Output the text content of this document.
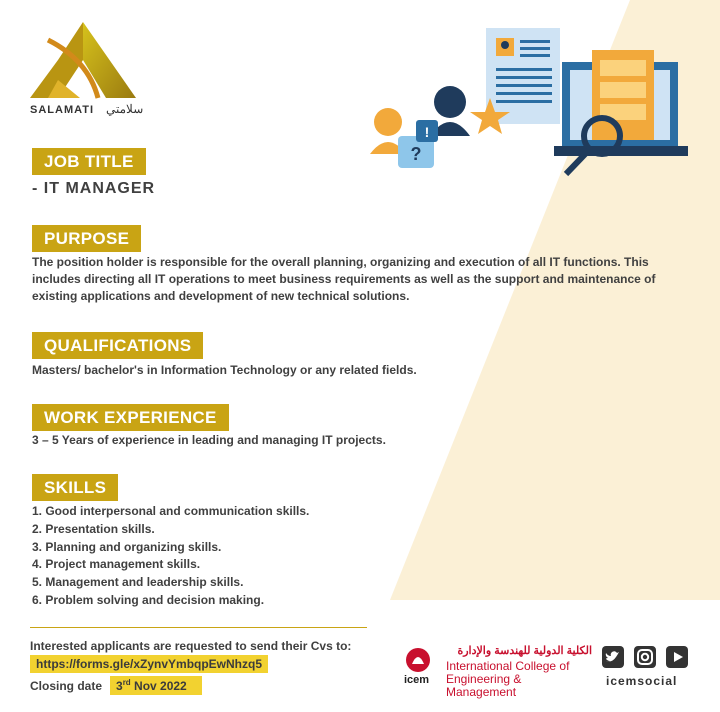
SALAMATI سلامتي
?
!
JOB TITLE
- IT MANAGER
PURPOSE
The position holder is responsible for the overall planning, organizing and execution of all IT functions. This includes directing all IT operations to meet business requirements as well as the support and maintenance of existing applications and development of new technical solutions.
QUALIFICATIONS
Masters/ bachelor's in Information Technology or any related fields.
WORK EXPERIENCE
3 – 5 Years of experience in leading and managing IT projects.
SKILLS
1. Good interpersonal and communication skills.
2. Presentation skills.
3. Planning and organizing skills.
4. Project management skills.
5. Management and leadership skills.
6. Problem solving and decision making.
Interested applicants are requested to send their Cvs to:
https://forms.gle/xZynvYmbqpEwNhzq5
Closing date	3rd Nov 2022
الكلية الدولية للهندسة والإدارة
International College of
Engineering & Management
icem	icemsocial
